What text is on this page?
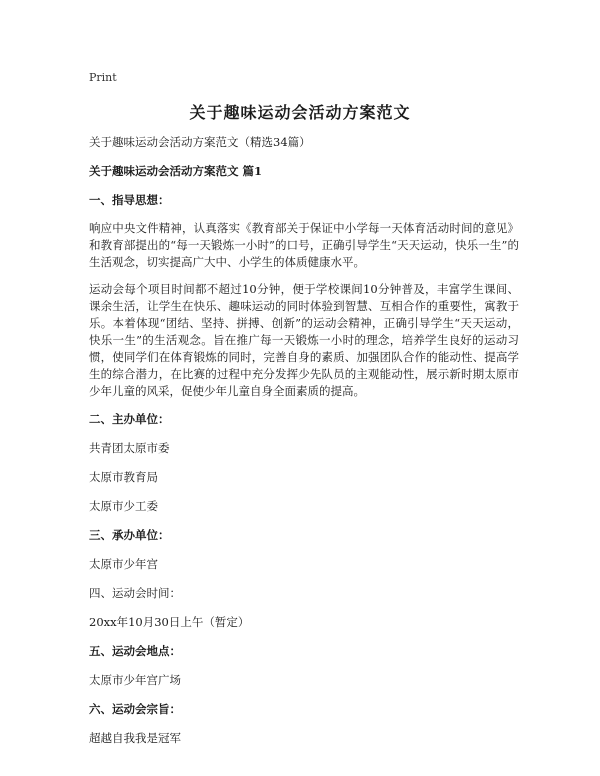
Print
关于趣味运动会活动方案范文

关于趣味运动会活动方案范文（精选34篇）

关于趣味运动会活动方案范文 篇1

一、指导思想：

响应中央文件精神，认真落实《教育部关于保证中小学每一天体育活动时间的意见》和教育部提出的“每一天锻炼一小时”的口号，正确引导学生“天天运动，快乐一生”的生活观念，切实提高广大中、小学生的体质健康水平。

运动会每个项目时间都不超过10分钟，便于学校课间10分钟普及，丰富学生课间、课余生活，让学生在快乐、趣味运动的同时体验到智慧、互相合作的重要性，寓教于乐。本着体现“团结、坚持、拼搏、创新”的运动会精神，正确引导学生“天天运动，快乐一生”的生活观念。旨在推广每一天锻炼一小时的理念，培养学生良好的运动习惯，使同学们在体育锻炼的同时，完善自身的素质、加强团队合作的能动性、提高学生的综合潜力，在比赛的过程中充分发挥少先队员的主观能动性，展示新时期太原市少年儿童的风采，促使少年儿童自身全面素质的提高。

二、主办单位：

共青团太原市委

太原市教育局

太原市少工委

三、承办单位：

太原市少年宫

四、运动会时间：

20xx年10月30日上午（暂定）

五、运动会地点：

太原市少年宫广场

六、运动会宗旨：

超越自我我是冠军
